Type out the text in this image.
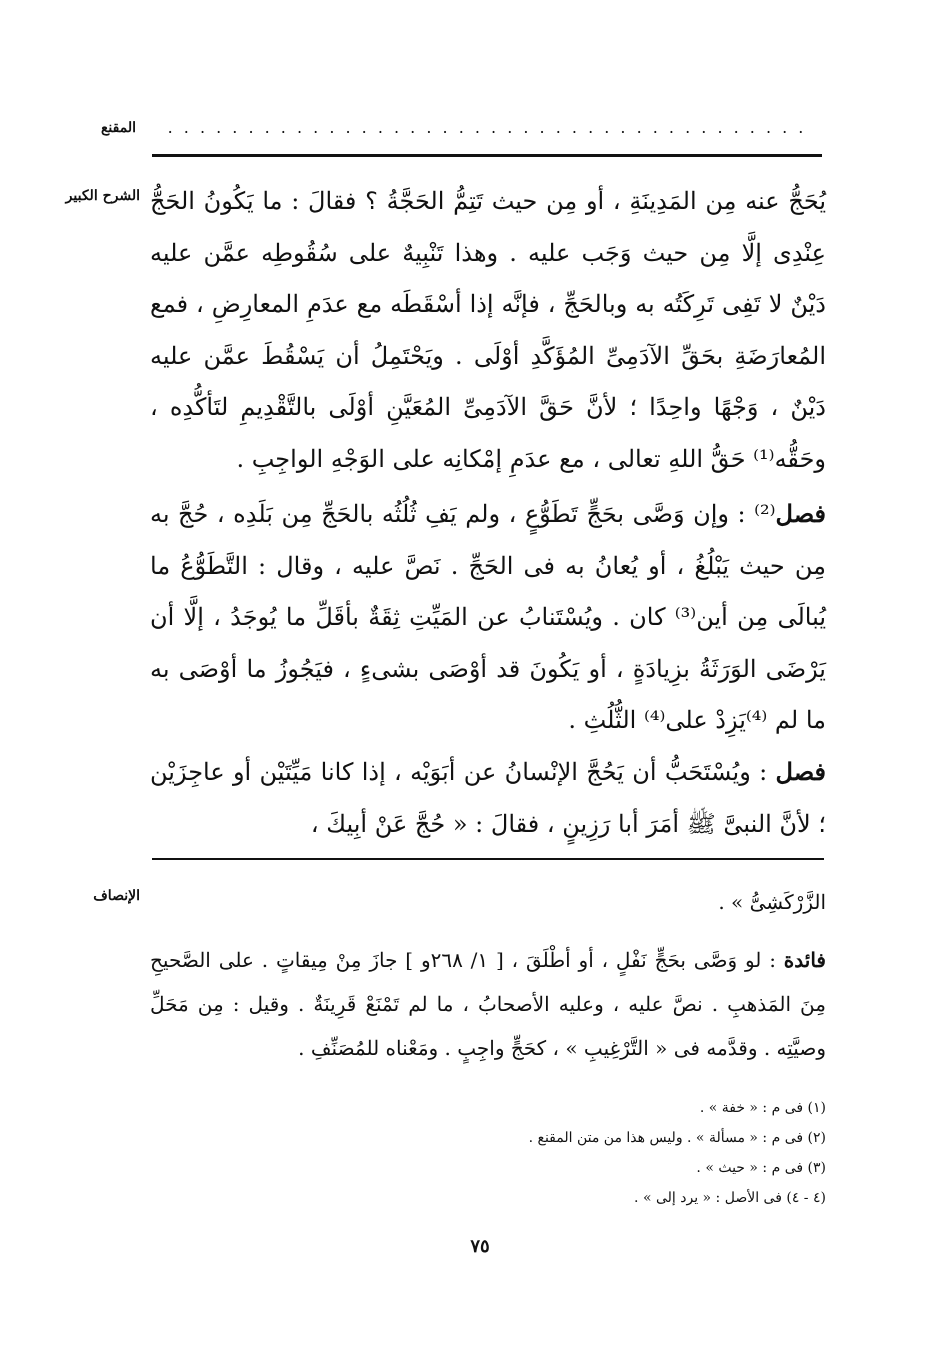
المقنع	. . . . . . . . . . . . . . . . . . . . . . . . . . . . . . . . . . . . . . . .
الشرح الكبير يُحَجُّ عنه مِن المَدِينَةِ ، أو مِن حيث تَتِمُّ الحَجَّةُ ؟ فقالَ : ما يَكُونُ الحَجُّ عِنْدِى إلَّا مِن حيث وَجَب عليه . وهذا تَنْبِيهٌ على سُقُوطِه عمَّن عليه دَيْنٌ لا تَفِى تَرِكَتُه به وبالحَجِّ ، فإنَّه إذا أسْقَطَه مع عدَمِ المعارِضِ ، فمع المُعارَضَةِ بحَقِّ الآدَمِىِّ المُؤَكَّدِ أوْلَى . ويَحْتَمِلُ أن يَسْقُطَ عمَّن عليه دَيْنٌ ، وَجْهًا واحِدًا ؛ لأنَّ حَقَّ الآدَمِىِّ المُعَيَّنِ أوْلَى بالتَّقْدِيمِ لتَأكُّدِه ، وحَقُّه⁽¹⁾ حَقُّ اللهِ تعالى ، مع عدَمِ إمْكانِه على الوَجْهِ الواجِبِ .

فصل⁽²⁾ : وإن وَصَّى بحَجٍّ تَطَوُّعٍ ، ولم يَفِ ثُلُثُه بالحَجِّ مِن بَلَدِه ، حُجَّ به مِن حيث يَبْلُغُ ، أو يُعانُ به فى الحَجِّ . نَصَّ عليه ، وقال : التَّطَوُّعُ ما يُبالَى مِن أين⁽³⁾ كان . ويُسْتَنابُ عن المَيِّتِ ثِقَةٌ بأقَلِّ ما يُوجَدُ ، إلَّا أن يَرْضَى الوَرَثَةُ بزِيادَةٍ ، أو يَكُونَ قد أوْصَى بشىءٍ ، فيَجُوزُ ما أوْصَى به ما لم ⁽⁴⁾يَزِدْ على⁽⁴⁾ الثُّلُثِ .

فصل : ويُسْتَحَبُّ أن يَحُجَّ الإنْسانُ عن أبَوَيْه ، إذا كانا مَيِّتَيْن أو عاجِزَيْن ؛ لأنَّ النبىَّ ﷺ أمَرَ أبا رَزِينٍ ، فقالَ : « حُجَّ عَنْ أبِيكَ ،

الإنصاف	الزَّرْكَشِىُّ » .

فائدة : لو وَصَّى بحَجٍّ نَفْلٍ ، أو أطْلَقَ ، [ ١/ ٢٦٨و ] جازَ مِنْ مِيقاتٍ . على الصَّحيحِ مِنَ المَذهبِ . نصَّ عليه ، وعليه الأصحابُ ، ما لم تَمْنَعْ قَرِينَةٌ . وقيل : مِن مَحَلِّ وصيَّتِه . وقدَّمه فى « التَّرْغِيبِ » ، كحَجٍّ واجِبٍ . ومَعْناه للمُصَنِّفِ .

(١) فى م : « خفة » .
(٢) فى م : « مسألة » . وليس هذا من متن المقنع .
(٣) فى م : « حيث » .
(٤ - ٤) فى الأصل : « يرد إلى » .
٧٥
